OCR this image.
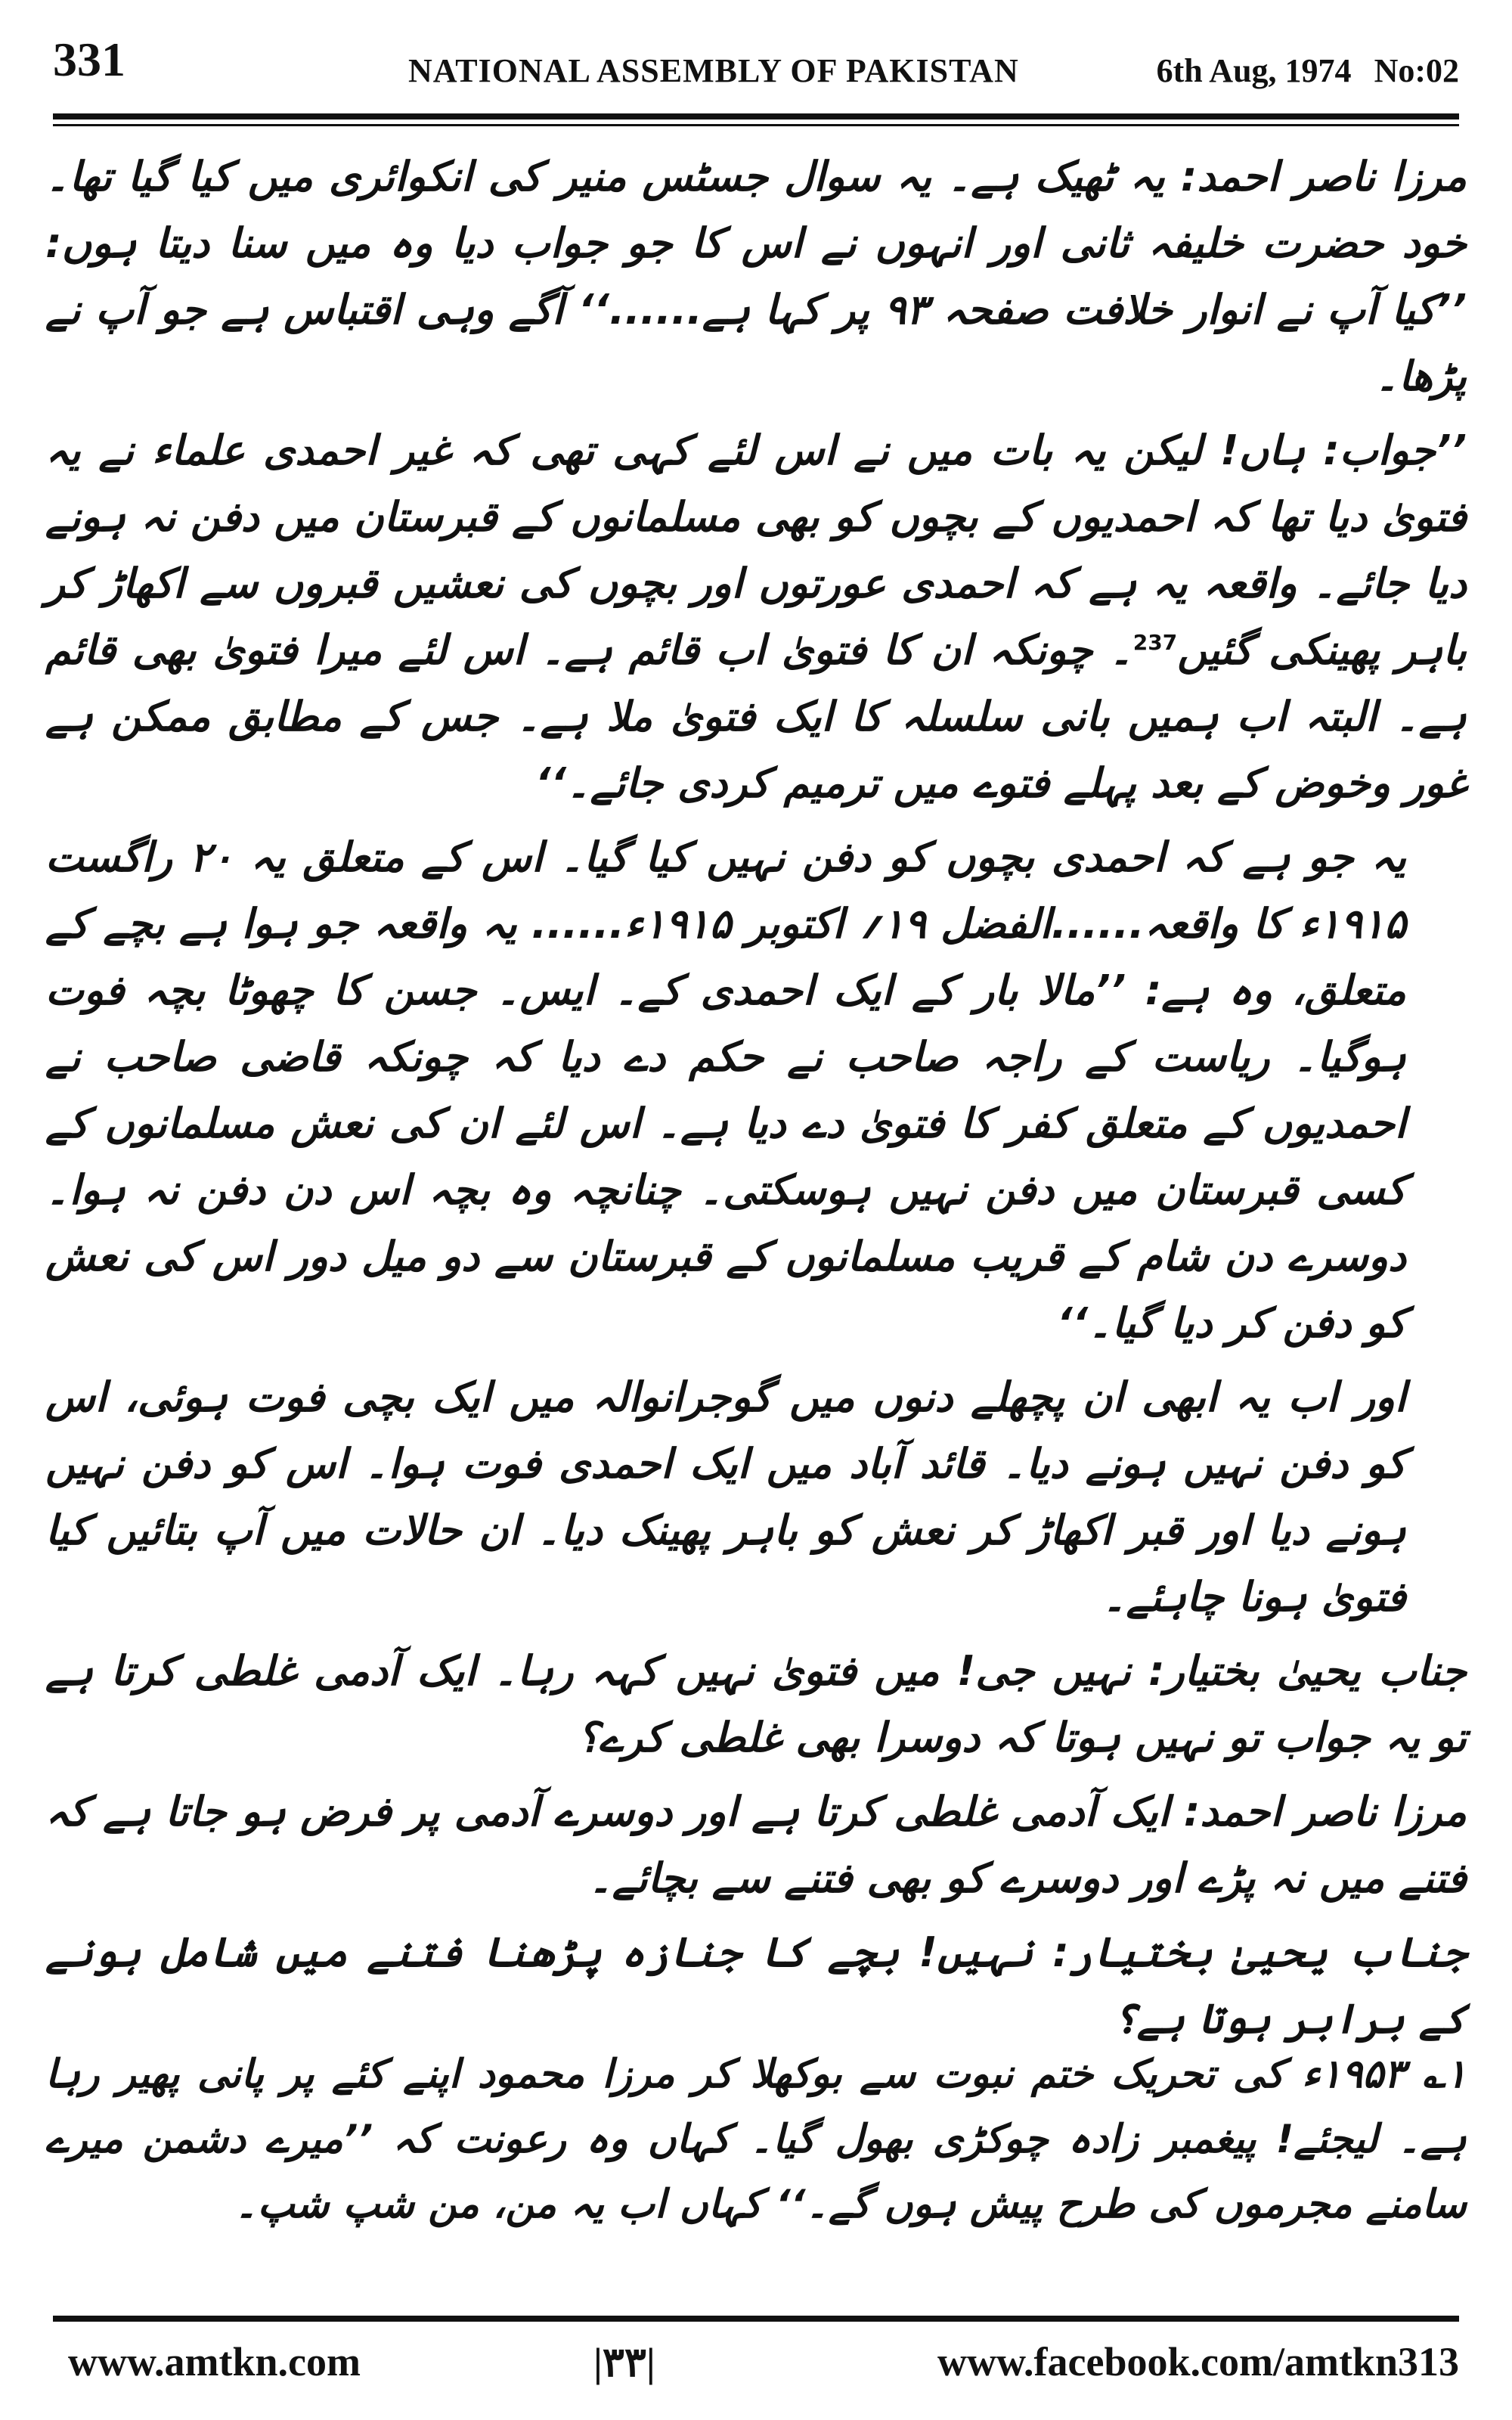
331	NATIONAL ASSEMBLY OF PAKISTAN	6th Aug, 1974 No:02

مرزا ناصر احمد: یہ ٹھیک ہے۔ یہ سوال جسٹس منیر کی انکوائری میں کیا گیا تھا۔ خود حضرت خلیفہ ثانی اور انہوں نے اس کا جو جواب دیا وہ میں سنا دیتا ہوں: ’’کیا آپ نے انوار خلافت صفحہ ۹۳ پر کہا ہے......‘‘ آگے وہی اقتباس ہے جو آپ نے پڑھا۔

’’جواب: ہاں! لیکن یہ بات میں نے اس لئے کہی تھی کہ غیر احمدی علماء نے یہ فتویٰ دیا تھا کہ احمدیوں کے بچوں کو بھی مسلمانوں کے قبرستان میں دفن نہ ہونے دیا جائے۔ واقعہ یہ ہے کہ احمدی عورتوں اور بچوں کی نعشیں قبروں سے اکھاڑ کر باہر پھینکی گئیں$^{237}$۔ چونکہ ان کا فتویٰ اب قائم ہے۔ اس لئے میرا فتویٰ بھی قائم ہے۔ البتہ اب ہمیں بانی سلسلہ کا ایک فتویٰ ملا ہے۔ جس کے مطابق ممکن ہے غور وخوض کے بعد پہلے فتوے میں ترمیم کردی جائے۔‘‘

یہ جو ہے کہ احمدی بچوں کو دفن نہیں کیا گیا۔ اس کے متعلق یہ ۲۰ راگست ۱۹۱۵ء کا واقعہ......الفضل ۱۹؍ اکتوبر ۱۹۱۵ء...... یہ واقعہ جو ہوا ہے بچے کے متعلق، وہ ہے: ’’مالا بار کے ایک احمدی کے۔ ایس۔ جسن کا چھوٹا بچہ فوت ہوگیا۔ ریاست کے راجہ صاحب نے حکم دے دیا کہ چونکہ قاضی صاحب نے احمدیوں کے متعلق کفر کا فتویٰ دے دیا ہے۔ اس لئے ان کی نعش مسلمانوں کے کسی قبرستان میں دفن نہیں ہوسکتی۔ چنانچہ وہ بچہ اس دن دفن نہ ہوا۔ دوسرے دن شام کے قریب مسلمانوں کے قبرستان سے دو میل دور اس کی نعش کو دفن کر دیا گیا۔‘‘

اور اب یہ ابھی ان پچھلے دنوں میں گوجرانوالہ میں ایک بچی فوت ہوئی، اس کو دفن نہیں ہونے دیا۔ قائد آباد میں ایک احمدی فوت ہوا۔ اس کو دفن نہیں ہونے دیا اور قبر اکھاڑ کر نعش کو باہر پھینک دیا۔ ان حالات میں آپ بتائیں کیا فتویٰ ہونا چاہئے۔

جناب یحییٰ بختیار: نہیں جی! میں فتویٰ نہیں کہہ رہا۔ ایک آدمی غلطی کرتا ہے تو یہ جواب تو نہیں ہوتا کہ دوسرا بھی غلطی کرے؟

مرزا ناصر احمد: ایک آدمی غلطی کرتا ہے اور دوسرے آدمی پر فرض ہو جاتا ہے کہ فتنے میں نہ پڑے اور دوسرے کو بھی فتنے سے بچائے۔

جناب یحییٰ بختیار: نہیں! بچے کا جنازہ پڑھنا فتنے میں شامل ہونے کے برابر ہوتا ہے؟

۱؎ ۱۹۵۳ء کی تحریک ختم نبوت سے بوکھلا کر مرزا محمود اپنے کئے پر پانی پھیر رہا ہے۔ لیجئے! پیغمبر زادہ چوکڑی بھول گیا۔ کہاں وہ رعونت کہ ’’میرے دشمن میرے سامنے مجرموں کی طرح پیش ہوں گے۔‘‘ کہاں اب یہ من، من شپ شپ۔

www.amtkn.com	|۳۳|	www.facebook.com/amtkn313
